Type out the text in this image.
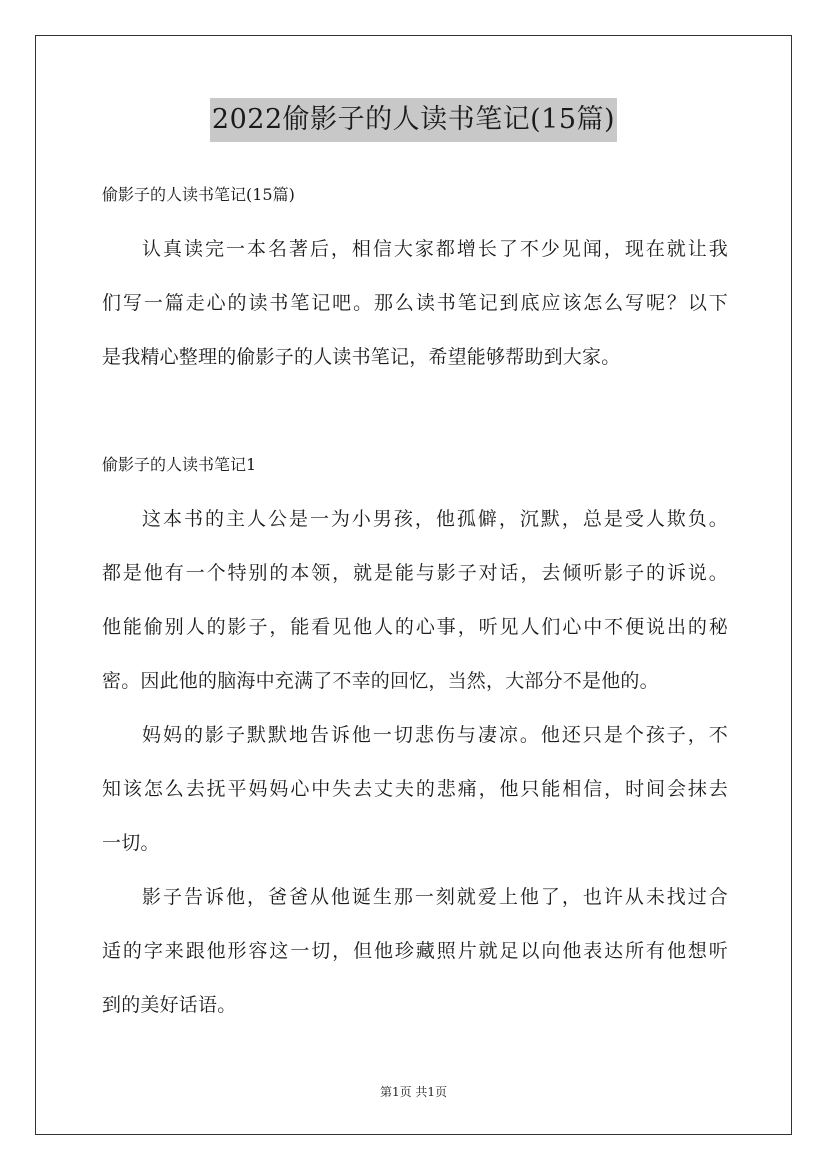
2022偷影子的人读书笔记(15篇)
偷影子的人读书笔记(15篇)
认真读完一本名著后，相信大家都增长了不少见闻，现在就让我
们写一篇走心的读书笔记吧。那么读书笔记到底应该怎么写呢？以下
是我精心整理的偷影子的人读书笔记，希望能够帮助到大家。
偷影子的人读书笔记1
这本书的主人公是一为小男孩，他孤僻，沉默，总是受人欺负。
都是他有一个特别的本领，就是能与影子对话，去倾听影子的诉说。
他能偷别人的影子，能看见他人的心事，听见人们心中不便说出的秘
密。因此他的脑海中充满了不幸的回忆，当然，大部分不是他的。
妈妈的影子默默地告诉他一切悲伤与凄凉。他还只是个孩子，不
知该怎么去抚平妈妈心中失去丈夫的悲痛，他只能相信，时间会抹去
一切。
影子告诉他，爸爸从他诞生那一刻就爱上他了，也许从未找过合
适的字来跟他形容这一切，但他珍藏照片就足以向他表达所有他想听
到的美好话语。
第1页 共1页
